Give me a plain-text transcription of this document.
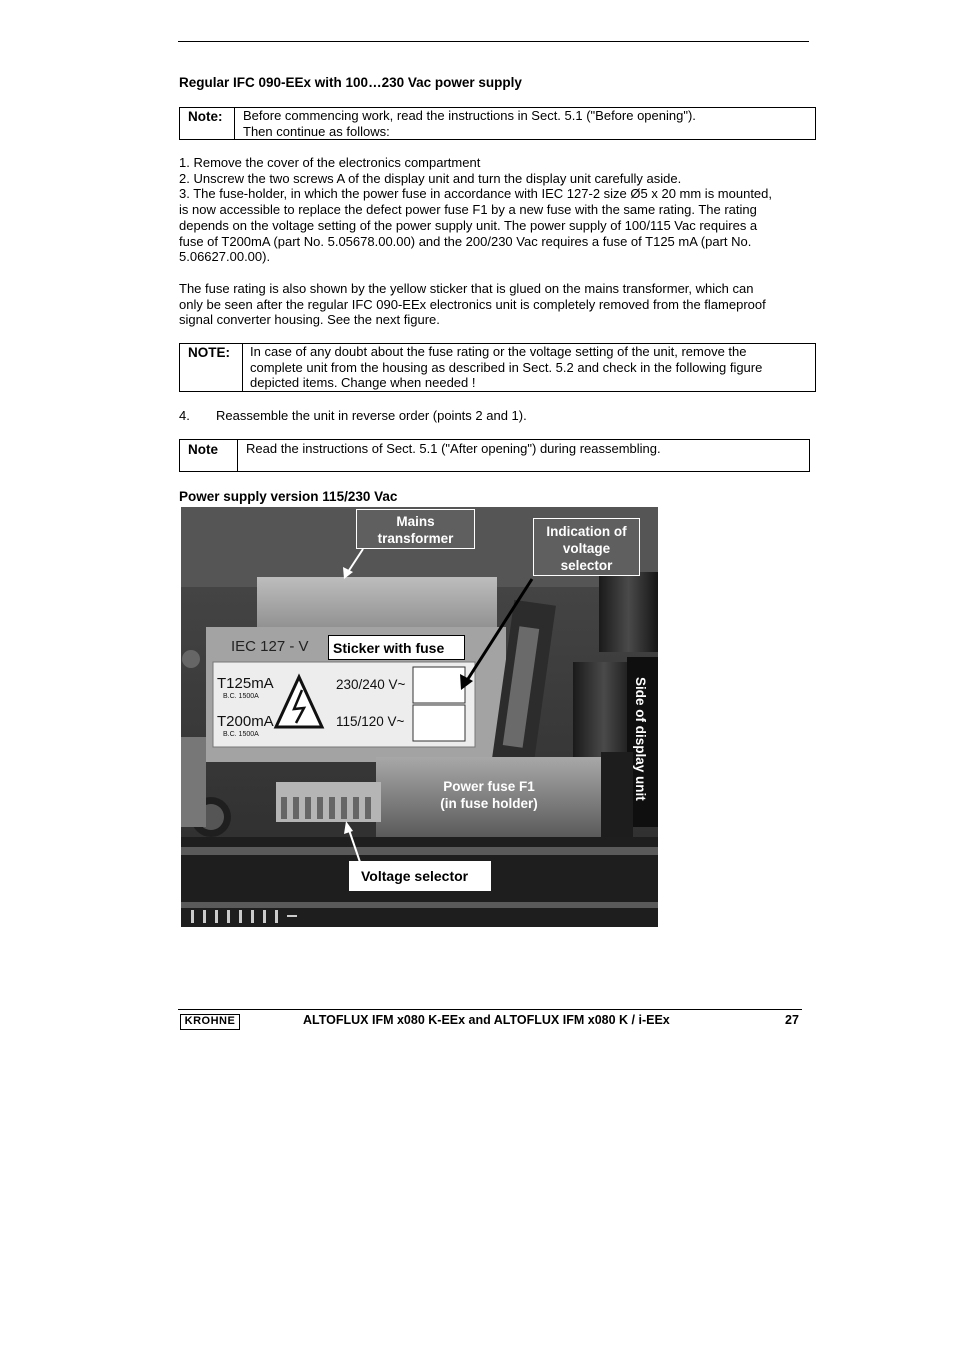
Regular IFC 090-EEx with 100…230 Vac power supply
Note:	Before commencing work, read the instructions in Sect. 5.1 ("Before opening").
Then continue as follows:
1. Remove the cover of the electronics compartment
2. Unscrew the two screws A of the display unit and turn the display unit carefully aside.
3. The fuse-holder, in which the power fuse in accordance with IEC 127-2 size Ø5 x 20 mm is mounted,
is now accessible to replace the defect power fuse F1 by a new fuse with the same rating. The rating
depends on the voltage setting of the power supply unit. The power supply of 100/115 Vac requires a
fuse of T200mA (part No. 5.05678.00.00) and the 200/230 Vac requires a fuse of T125 mA (part No.
5.06627.00.00).
The fuse rating is also shown by the yellow sticker that is glued on the mains transformer, which can
only be seen after the regular IFC 090-EEx electronics unit is completely removed from the flameproof
signal converter housing. See the next figure.
NOTE:	In case of any doubt about the fuse rating or the voltage setting of the unit, remove the
complete unit from the housing as described in Sect. 5.2 and check in the following figure
depicted items. Change when needed !
4. Reassemble the unit in reverse order (points 2 and 1).
Note	Read the instructions of Sect. 5.1 ("After opening") during reassembling.
Power supply version 115/230 Vac
IEC 127 - V
T125mA
B.C. 1500A
T200mA
B.C. 1500A
230/240 V~
115/120 V~
Mains
transformer	Indication of
voltage
selector
Sticker with fuse
Power fuse F1
(in fuse holder)
Voltage selector
Side of display unit
KROHNE	ALTOFLUX IFM x080 K-EEx and ALTOFLUX IFM x080 K / i-EEx	27
